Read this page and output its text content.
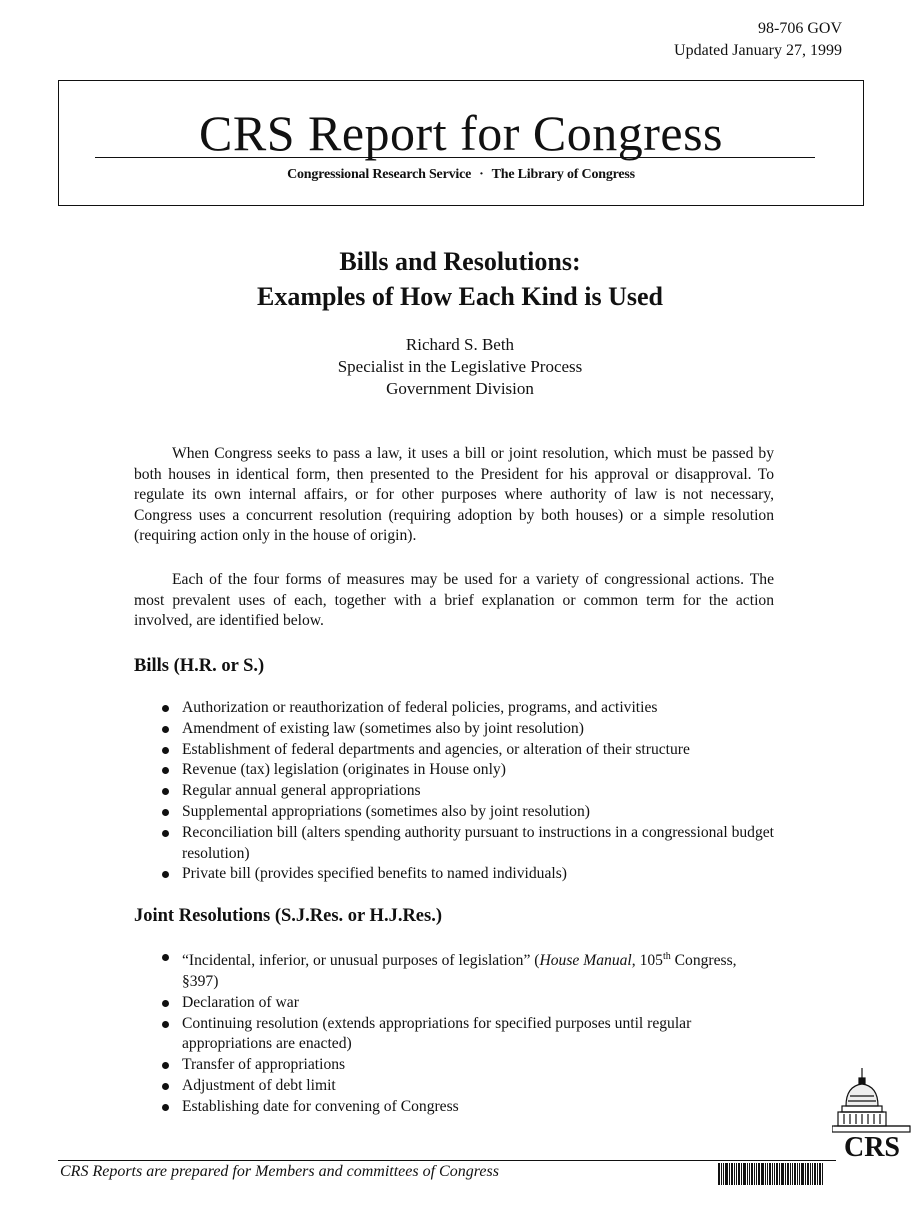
98-706 GOV
Updated January 27, 1999
CRS Report for Congress
Congressional Research Service · The Library of Congress
Bills and Resolutions:
Examples of How Each Kind is Used
Richard S. Beth
Specialist in the Legislative Process
Government Division

When Congress seeks to pass a law, it uses a bill or joint resolution, which must be passed by both houses in identical form, then presented to the President for his approval or disapproval. To regulate its own internal affairs, or for other purposes where authority of law is not necessary, Congress uses a concurrent resolution (requiring adoption by both houses) or a simple resolution (requiring action only in the house of origin).

Each of the four forms of measures may be used for a variety of congressional actions. The most prevalent uses of each, together with a brief explanation or common term for the action involved, are identified below.

Bills (H.R. or S.)
Authorization or reauthorization of federal policies, programs, and activities
Amendment of existing law (sometimes also by joint resolution)
Establishment of federal departments and agencies, or alteration of their structure
Revenue (tax) legislation (originates in House only)
Regular annual general appropriations
Supplemental appropriations (sometimes also by joint resolution)
Reconciliation bill (alters spending authority pursuant to instructions in a congressional budget resolution)
Private bill (provides specified benefits to named individuals)
Joint Resolutions (S.J.Res. or H.J.Res.)
“Incidental, inferior, or unusual purposes of legislation” (House Manual, 105th Congress, §397)
Declaration of war
Continuing resolution (extends appropriations for specified purposes until regular appropriations are enacted)
Transfer of appropriations
Adjustment of debt limit
Establishing date for convening of Congress
CRS
CRS Reports are prepared for Members and committees of Congress
